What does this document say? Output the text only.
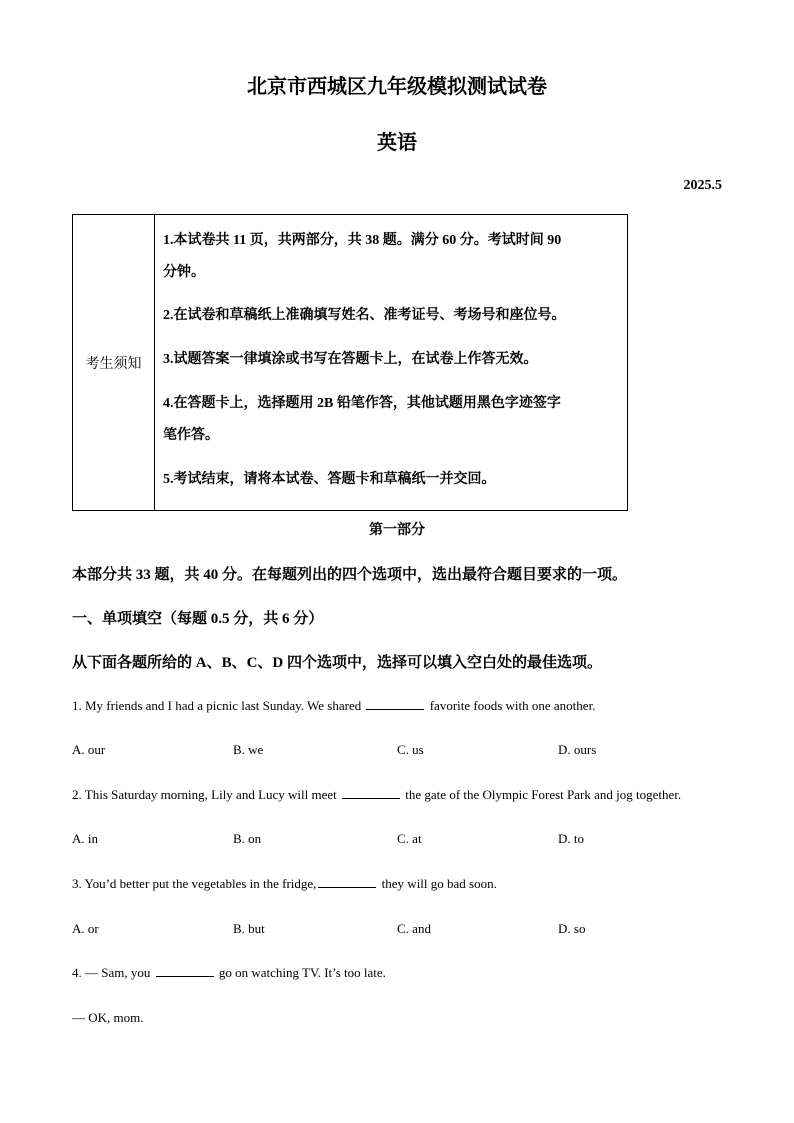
北京市西城区九年级模拟测试试卷
英语
2025.5
考生须知
1.本试卷共 11 页，共两部分，共 38 题。满分 60 分。考试时间 90
分钟。
2.在试卷和草稿纸上准确填写姓名、准考证号、考场号和座位号。
3.试题答案一律填涂或书写在答题卡上，在试卷上作答无效。
4.在答题卡上，选择题用 2B 铅笔作答，其他试题用黑色字迹签字
笔作答。
5.考试结束，请将本试卷、答题卡和草稿纸一并交回。
第一部分
本部分共 33 题，共 40 分。在每题列出的四个选项中，选出最符合题目要求的一项。
一、单项填空（每题 0.5 分，共 6 分）
从下面各题所给的 A、B、C、D 四个选项中，选择可以填入空白处的最佳选项。
1. My friends and I had a picnic last Sunday. We shared	favorite foods with one another.
A. our	B. we	C. us	D. ours
2. This Saturday morning, Lily and Lucy will meet	the gate of the Olympic Forest Park and jog together.
A. in	B. on	C. at	D. to
3. You’d better put the vegetables in the fridge,	they will go bad soon.
A. or	B. but	C. and	D. so
4. — Sam, you	go on watching TV. It’s too late.
— OK, mom.
